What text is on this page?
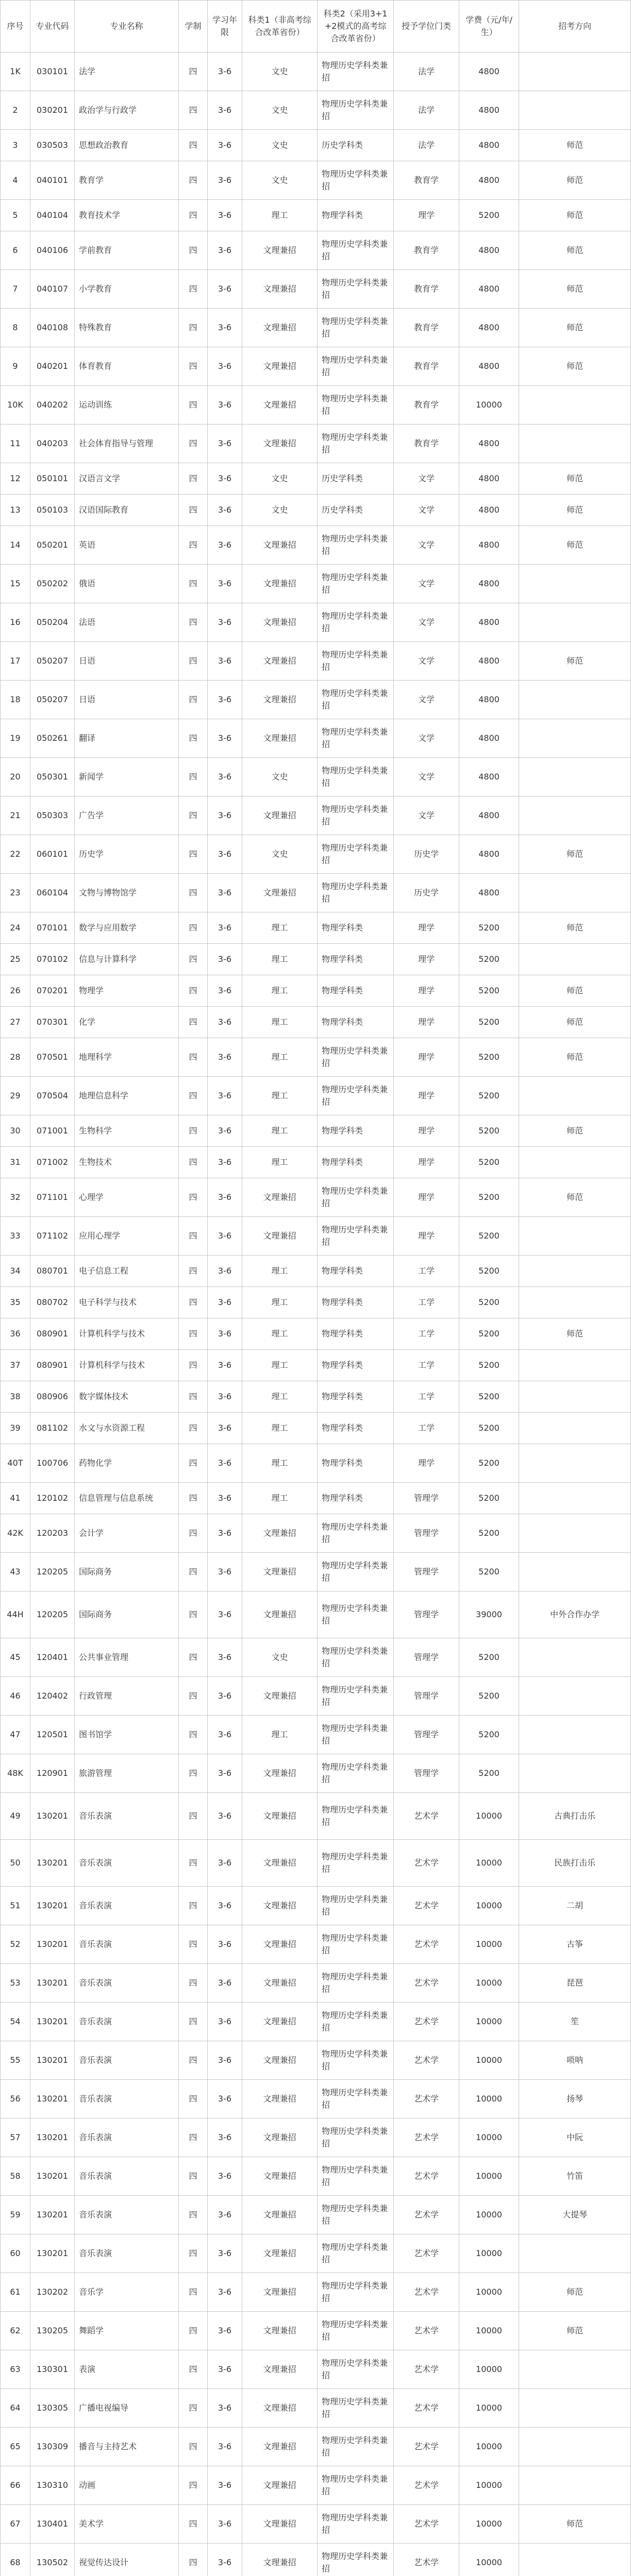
序号	专业代码	专业名称	学制	学习年限	科类1（非高考综合改革省份）	科类2（采用3+1+2模式的高考综合改革省份）	授予学位门类	学费（元/年/生）	招考方向
1K	030101	法学	四	3-6	文史	物理历史学科类兼招	法学	4800	
2	030201	政治学与行政学	四	3-6	文史	物理历史学科类兼招	法学	4800	
3	030503	思想政治教育	四	3-6	文史	历史学科类	法学	4800	师范
4	040101	教育学	四	3-6	文史	物理历史学科类兼招	教育学	4800	师范
5	040104	教育技术学	四	3-6	理工	物理学科类	理学	5200	师范
6	040106	学前教育	四	3-6	文理兼招	物理历史学科类兼招	教育学	4800	师范
7	040107	小学教育	四	3-6	文理兼招	物理历史学科类兼招	教育学	4800	师范
8	040108	特殊教育	四	3-6	文理兼招	物理历史学科类兼招	教育学	4800	师范
9	040201	体育教育	四	3-6	文理兼招	物理历史学科类兼招	教育学	4800	师范
10K	040202	运动训练	四	3-6	文理兼招	物理历史学科类兼招	教育学	10000	
11	040203	社会体育指导与管理	四	3-6	文理兼招	物理历史学科类兼招	教育学	4800	
12	050101	汉语言文学	四	3-6	文史	历史学科类	文学	4800	师范
13	050103	汉语国际教育	四	3-6	文史	历史学科类	文学	4800	师范
14	050201	英语	四	3-6	文理兼招	物理历史学科类兼招	文学	4800	师范
15	050202	俄语	四	3-6	文理兼招	物理历史学科类兼招	文学	4800	
16	050204	法语	四	3-6	文理兼招	物理历史学科类兼招	文学	4800	
17	050207	日语	四	3-6	文理兼招	物理历史学科类兼招	文学	4800	师范
18	050207	日语	四	3-6	文理兼招	物理历史学科类兼招	文学	4800	
19	050261	翻译	四	3-6	文理兼招	物理历史学科类兼招	文学	4800	
20	050301	新闻学	四	3-6	文史	物理历史学科类兼招	文学	4800	
21	050303	广告学	四	3-6	文理兼招	物理历史学科类兼招	文学	4800	
22	060101	历史学	四	3-6	文史	物理历史学科类兼招	历史学	4800	师范
23	060104	文物与博物馆学	四	3-6	文理兼招	物理历史学科类兼招	历史学	4800	
24	070101	数学与应用数学	四	3-6	理工	物理学科类	理学	5200	师范
25	070102	信息与计算科学	四	3-6	理工	物理学科类	理学	5200	
26	070201	物理学	四	3-6	理工	物理学科类	理学	5200	师范
27	070301	化学	四	3-6	理工	物理学科类	理学	5200	师范
28	070501	地理科学	四	3-6	理工	物理历史学科类兼招	理学	5200	师范
29	070504	地理信息科学	四	3-6	理工	物理历史学科类兼招	理学	5200	
30	071001	生物科学	四	3-6	理工	物理学科类	理学	5200	师范
31	071002	生物技术	四	3-6	理工	物理学科类	理学	5200	
32	071101	心理学	四	3-6	文理兼招	物理历史学科类兼招	理学	5200	师范
33	071102	应用心理学	四	3-6	文理兼招	物理历史学科类兼招	理学	5200	
34	080701	电子信息工程	四	3-6	理工	物理学科类	工学	5200	
35	080702	电子科学与技术	四	3-6	理工	物理学科类	工学	5200	
36	080901	计算机科学与技术	四	3-6	理工	物理学科类	工学	5200	师范
37	080901	计算机科学与技术	四	3-6	理工	物理学科类	工学	5200	
38	080906	数字媒体技术	四	3-6	理工	物理学科类	工学	5200	
39	081102	水文与水资源工程	四	3-6	理工	物理学科类	工学	5200	
40T	100706	药物化学	四	3-6	理工	物理学科类	理学	5200	
41	120102	信息管理与信息系统	四	3-6	理工	物理学科类	管理学	5200	
42K	120203	会计学	四	3-6	文理兼招	物理历史学科类兼招	管理学	5200	
43	120205	国际商务	四	3-6	文理兼招	物理历史学科类兼招	管理学	5200	
44H	120205	国际商务	四	3-6	文理兼招	物理历史学科类兼招	管理学	39000	中外合作办学
45	120401	公共事业管理	四	3-6	文史	物理历史学科类兼招	管理学	5200	
46	120402	行政管理	四	3-6	文理兼招	物理历史学科类兼招	管理学	5200	
47	120501	图书馆学	四	3-6	理工	物理历史学科类兼招	管理学	5200	
48K	120901	旅游管理	四	3-6	文理兼招	物理历史学科类兼招	管理学	5200	
49	130201	音乐表演	四	3-6	文理兼招	物理历史学科类兼招	艺术学	10000	古典打击乐
50	130201	音乐表演	四	3-6	文理兼招	物理历史学科类兼招	艺术学	10000	民族打击乐
51	130201	音乐表演	四	3-6	文理兼招	物理历史学科类兼招	艺术学	10000	二胡
52	130201	音乐表演	四	3-6	文理兼招	物理历史学科类兼招	艺术学	10000	古筝
53	130201	音乐表演	四	3-6	文理兼招	物理历史学科类兼招	艺术学	10000	琵琶
54	130201	音乐表演	四	3-6	文理兼招	物理历史学科类兼招	艺术学	10000	笙
55	130201	音乐表演	四	3-6	文理兼招	物理历史学科类兼招	艺术学	10000	唢呐
56	130201	音乐表演	四	3-6	文理兼招	物理历史学科类兼招	艺术学	10000	扬琴
57	130201	音乐表演	四	3-6	文理兼招	物理历史学科类兼招	艺术学	10000	中阮
58	130201	音乐表演	四	3-6	文理兼招	物理历史学科类兼招	艺术学	10000	竹笛
59	130201	音乐表演	四	3-6	文理兼招	物理历史学科类兼招	艺术学	10000	大提琴
60	130201	音乐表演	四	3-6	文理兼招	物理历史学科类兼招	艺术学	10000	
61	130202	音乐学	四	3-6	文理兼招	物理历史学科类兼招	艺术学	10000	师范
62	130205	舞蹈学	四	3-6	文理兼招	物理历史学科类兼招	艺术学	10000	师范
63	130301	表演	四	3-6	文理兼招	物理历史学科类兼招	艺术学	10000	
64	130305	广播电视编导	四	3-6	文理兼招	物理历史学科类兼招	艺术学	10000	
65	130309	播音与主持艺术	四	3-6	文理兼招	物理历史学科类兼招	艺术学	10000	
66	130310	动画	四	3-6	文理兼招	物理历史学科类兼招	艺术学	10000	
67	130401	美术学	四	3-6	文理兼招	物理历史学科类兼招	艺术学	10000	师范
68	130502	视觉传达设计	四	3-6	文理兼招	物理历史学科类兼招	艺术学	10000	
